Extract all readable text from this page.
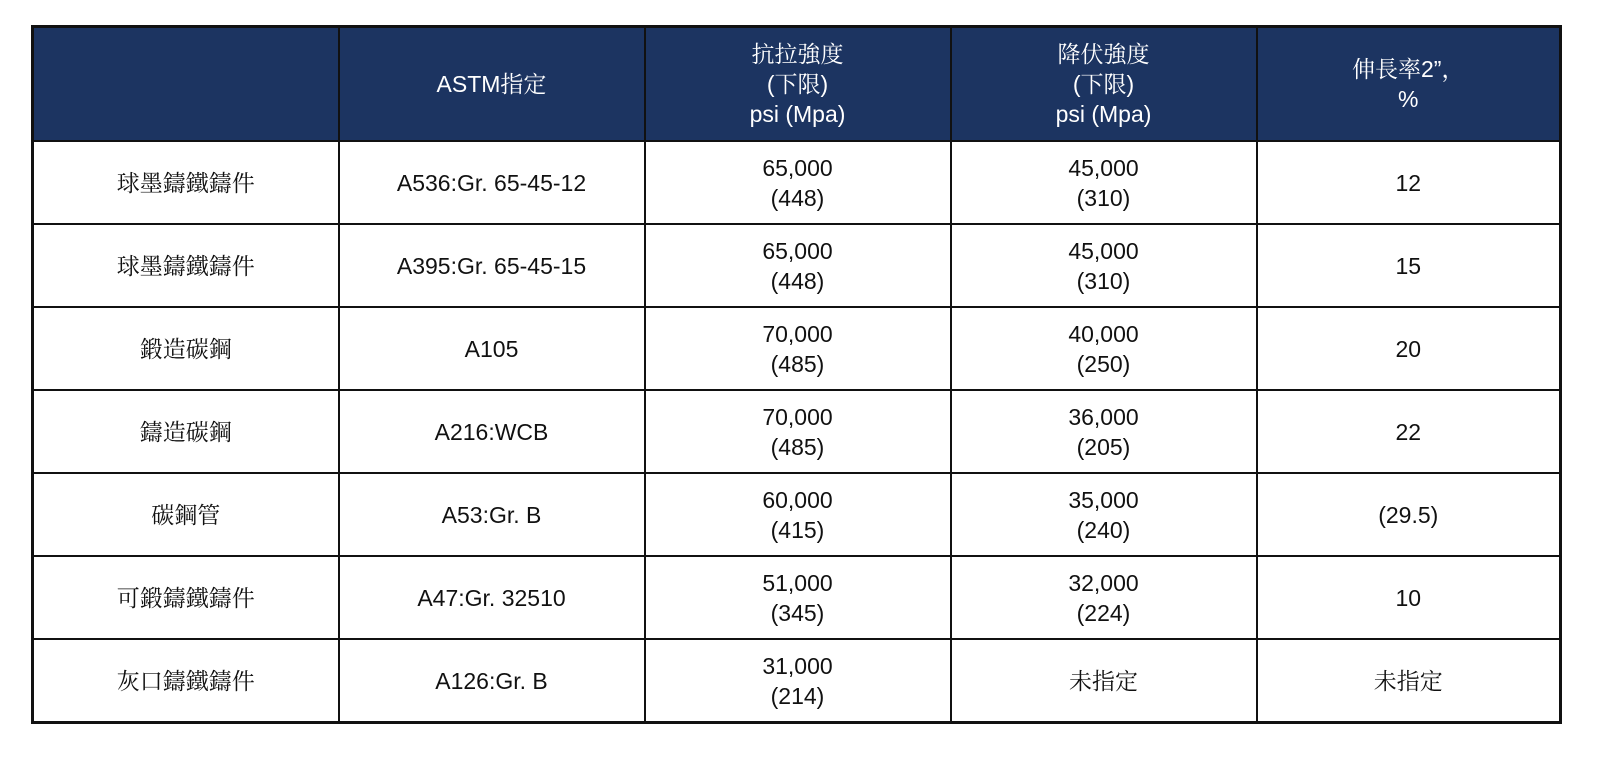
	ASTM指定	抗拉強度
(下限)
psi (Mpa)	降伏強度
(下限)
psi (Mpa)	伸長率2”，
%

球墨鑄鐵鑄件	A536:Gr. 65-45-12	65,000
(448)	45,000
(310)	12

球墨鑄鐵鑄件	A395:Gr. 65-45-15	65,000
(448)	45,000
(310)	15

鍛造碳鋼	A105	70,000
(485)	40,000
(250)	20

鑄造碳鋼	A216:WCB	70,000
(485)	36,000
(205)	22

碳鋼管	A53:Gr. B	60,000
(415)	35,000
(240)	(29.5)

可鍛鑄鐵鑄件	A47:Gr. 32510	51,000
(345)	32,000
(224)	10

灰口鑄鐵鑄件	A126:Gr. B	31,000
(214)	未指定	未指定
